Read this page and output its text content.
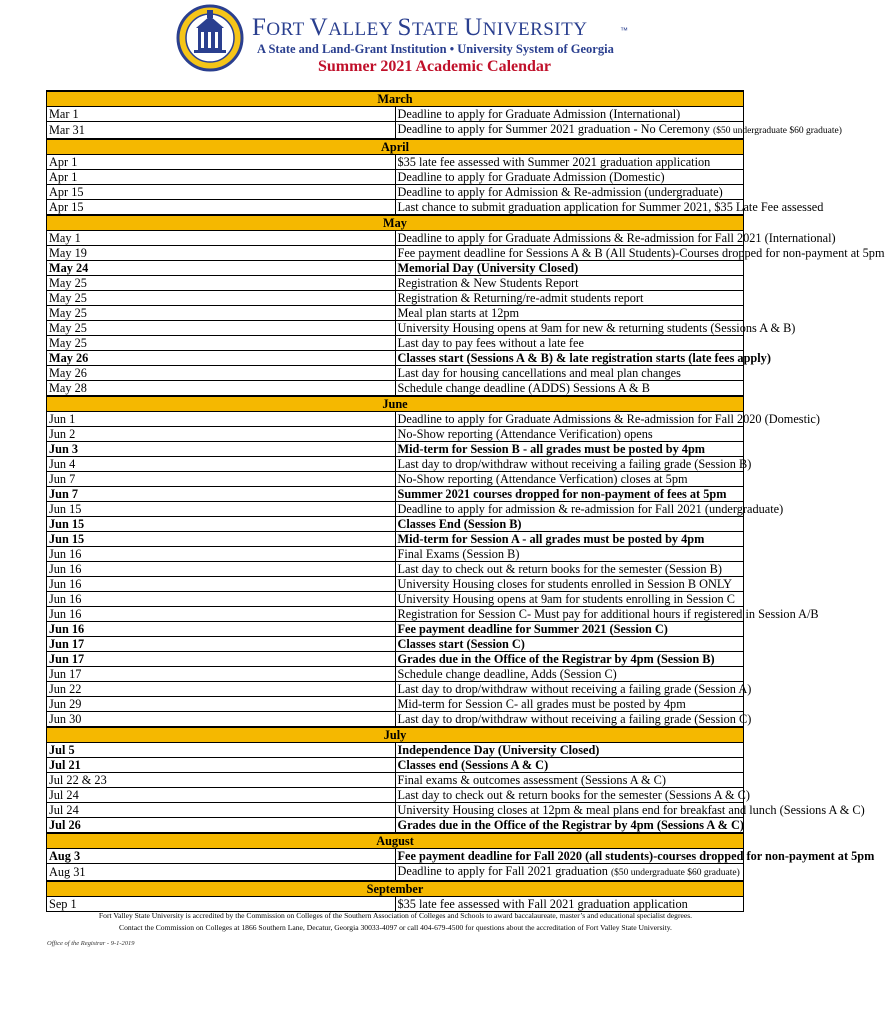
FORT VALLEY STATE UNIVERSITY	™
A State and Land-Grant Institution • University System of Georgia
Summer 2021 Academic Calendar
March	
Mar 1	Deadline to apply for Graduate Admission (International)
Mar 31	Deadline to apply for Summer 2021 graduation - No Ceremony ($50 undergraduate $60 graduate)
April	
Apr 1	$35 late fee assessed with Summer 2021 graduation application
Apr 1	Deadline to apply for Graduate Admission (Domestic)
Apr 15	Deadline to apply for Admission & Re-admission (undergraduate)
Apr 15	Last chance to submit graduation application for Summer 2021, $35 Late Fee assessed
May	
May 1	Deadline to apply for Graduate Admissions & Re-admission for Fall 2021 (International)
May 19	Fee payment deadline for Sessions A & B (All Students)-Courses dropped for non-payment at 5pm
May 24	Memorial Day (University Closed)
May 25	Registration & New Students Report
May 25	Registration & Returning/re-admit students report
May 25	Meal plan starts at 12pm
May 25	University Housing opens at 9am for new & returning students (Sessions A & B)
May 25	Last day to pay fees without a late fee
May 26	Classes start (Sessions A & B) & late registration starts (late fees apply)
May 26	Last day for housing cancellations and meal plan changes
May 28	Schedule change deadline (ADDS) Sessions A & B
June	
Jun 1	Deadline to apply for Graduate Admissions & Re-admission for Fall 2020 (Domestic)
Jun 2	No-Show reporting (Attendance Verification) opens
Jun 3	Mid-term for Session B - all grades must be posted by 4pm
Jun 4	Last day to drop/withdraw without receiving a failing grade (Session B)
Jun 7	No-Show reporting (Attendance Verfication) closes at 5pm
Jun 7	Summer 2021 courses dropped for non-payment of fees at 5pm
Jun 15	Deadline to apply for admission & re-admission for Fall 2021 (undergraduate)
Jun 15	Classes End (Session B)
Jun 15	Mid-term for Session A - all grades must be posted by 4pm
Jun 16	Final Exams (Session B)
Jun 16	Last day to check out & return books for the semester (Session B)
Jun 16	University Housing closes for students enrolled in Session B ONLY
Jun 16	University Housing opens at 9am for students enrolling in Session C
Jun 16	Registration for Session C- Must pay for additional hours if registered in Session A/B
Jun 16	Fee payment deadline for Summer 2021 (Session C)
Jun 17	Classes start (Session C)
Jun 17	Grades due in the Office of the Registrar by 4pm (Session B)
Jun 17	Schedule change deadline, Adds (Session C)
Jun 22	Last day to drop/withdraw without receiving a failing grade (Session A)
Jun 29	Mid-term for Session C- all grades must be posted by 4pm
Jun 30	Last day to drop/withdraw without receiving a failing grade (Session C)
July	
Jul 5	Independence Day (University Closed)
Jul 21	Classes end (Sessions A & C)
Jul 22 & 23	Final exams & outcomes assessment (Sessions A & C)
Jul 24	Last day to check out & return books for the semester (Sessions A & C)
Jul 24	University Housing closes at 12pm & meal plans end for breakfast and lunch (Sessions A & C)
Jul 26	Grades due in the Office of the Registrar by 4pm (Sessions A & C)
August	
Aug 3	Fee payment deadline for Fall 2020 (all students)-courses dropped for non-payment at 5pm
Aug 31	Deadline to apply for Fall 2021 graduation ($50 undergraduate $60 graduate)
September	
Sep 1	$35 late fee assessed with Fall 2021 graduation application
Fort Valley State University is accredited by the Commission on Colleges of the Southern Association of Colleges and Schools to award baccalaureate, master’s and educational specialist degrees.
Contact the Commission on Colleges at 1866 Southern Lane, Decatur, Georgia 30033-4097 or call 404-679-4500 for questions about the accreditation of Fort Valley State University.
Office of the Registrar - 9-1-2019
